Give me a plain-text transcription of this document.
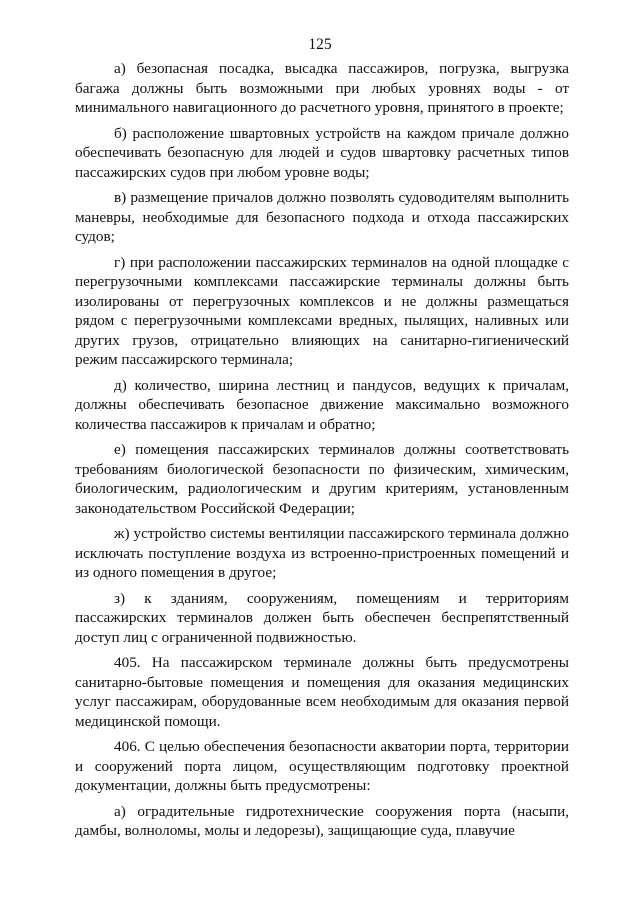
125

а) безопасная посадка, высадка пассажиров, погрузка, выгрузка багажа должны быть возможными при любых уровнях воды - от минимального навигационного до расчетного уровня, принятого в проекте;

б) расположение швартовных устройств на каждом причале должно обеспечивать безопасную для людей и судов швартовку расчетных типов пассажирских судов при любом уровне воды;

в) размещение причалов должно позволять судоводителям выполнить маневры, необходимые для безопасного подхода и отхода пассажирских судов;

г) при расположении пассажирских терминалов на одной площадке с перегрузочными комплексами пассажирские терминалы должны быть изолированы от перегрузочных комплексов и не должны размещаться рядом с перегрузочными комплексами вредных, пылящих, наливных или других грузов, отрицательно влияющих на санитарно-гигиенический режим пассажирского терминала;

д) количество, ширина лестниц и пандусов, ведущих к причалам, должны обеспечивать безопасное движение максимально возможного количества пассажиров к причалам и обратно;

е) помещения пассажирских терминалов должны соответствовать требованиям биологической безопасности по физическим, химическим, биологическим, радиологическим и другим критериям, установленным законодательством Российской Федерации;

ж) устройство системы вентиляции пассажирского терминала должно исключать поступление воздуха из встроенно-пристроенных помещений и из одного помещения в другое;

з) к зданиям, сооружениям, помещениям и территориям пассажирских терминалов должен быть обеспечен беспрепятственный доступ лиц с ограниченной подвижностью.

405. На пассажирском терминале должны быть предусмотрены санитарно-бытовые помещения и помещения для оказания медицинских услуг пассажирам, оборудованные всем необходимым для оказания первой медицинской помощи.

406. С целью обеспечения безопасности акватории порта, территории и сооружений порта лицом, осуществляющим подготовку проектной документации, должны быть предусмотрены:

а) оградительные гидротехнические сооружения порта (насыпи, дамбы, волноломы, молы и ледорезы), защищающие суда, плавучие
